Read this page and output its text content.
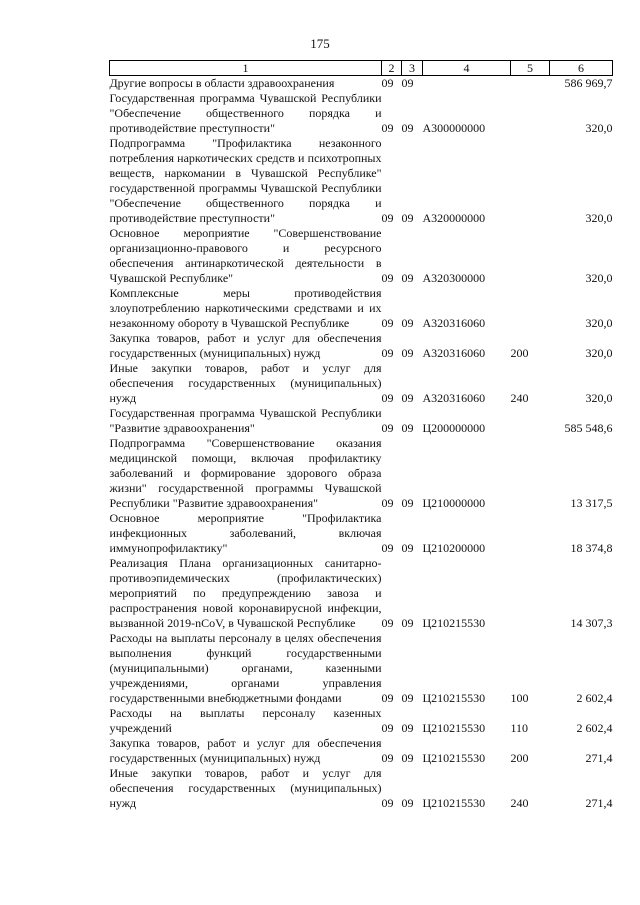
175
1	2	3	4	5	6
Другие вопросы в области здравоохранения	09	09			586 969,7
Государственная программа Чувашской Республики "Обеспечение общественного порядка и противодействие преступности"	09	09	А300000000		320,0
Подпрограмма "Профилактика незаконного потребления наркотических средств и психотропных веществ, наркомании в Чувашской Республике" государственной программы Чувашской Республики "Обеспечение общественного порядка и противодействие преступности"	09	09	А320000000		320,0
Основное мероприятие "Совершенствование организационно-правового и ресурсного обеспечения антинаркотической деятельности в Чувашской Республике"	09	09	А320300000		320,0
Комплексные меры противодействия злоупотреблению наркотическими средствами и их незаконному обороту в Чувашской Республике	09	09	А320316060		320,0
Закупка товаров, работ и услуг для обеспечения государственных (муниципальных) нужд	09	09	А320316060	200	320,0
Иные закупки товаров, работ и услуг для обеспечения государственных (муниципальных) нужд	09	09	А320316060	240	320,0
Государственная программа Чувашской Республики "Развитие здравоохранения"	09	09	Ц200000000		585 548,6
Подпрограмма "Совершенствование оказания медицинской помощи, включая профилактику заболеваний и формирование здорового образа жизни" государственной программы Чувашской Республики "Развитие здравоохранения"	09	09	Ц210000000		13 317,5
Основное мероприятие "Профилактика инфекционных заболеваний, включая иммунопрофилактику"	09	09	Ц210200000		18 374,8
Реализация Плана организационных санитарно-противоэпидемических (профилактических) мероприятий по предупреждению завоза и распространения новой коронавирусной инфекции, вызванной 2019-nCoV, в Чувашской Республике	09	09	Ц210215530		14 307,3
Расходы на выплаты персоналу в целях обеспечения выполнения функций государственными (муниципальными) органами, казенными учреждениями, органами управления государственными внебюджетными фондами	09	09	Ц210215530	100	2 602,4
Расходы на выплаты персоналу казенных учреждений	09	09	Ц210215530	110	2 602,4
Закупка товаров, работ и услуг для обеспечения государственных (муниципальных) нужд	09	09	Ц210215530	200	271,4
Иные закупки товаров, работ и услуг для обеспечения государственных (муниципальных) нужд	09	09	Ц210215530	240	271,4
